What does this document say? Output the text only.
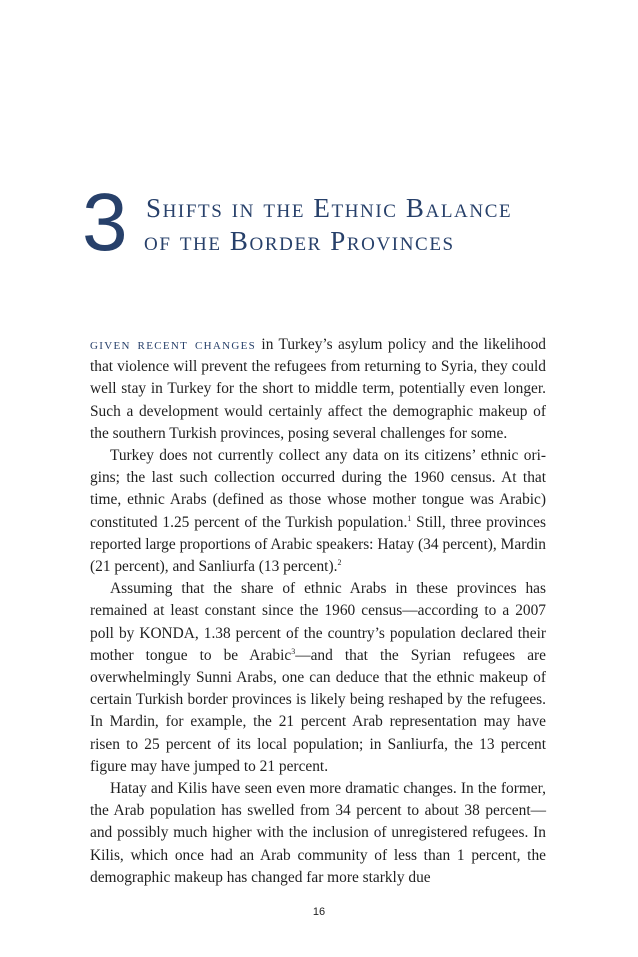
3 Shifts in the Ethnic Balance
of the Border Provinces

given recent changes in Turkey’s asylum policy and the likelihood that violence will prevent the refugees from returning to Syria, they could well stay in Turkey for the short to middle term, potentially even longer. Such a development would certainly affect the demographic makeup of the southern Turkish provinces, posing several challenges for some.

Turkey does not currently collect any data on its citizens’ ethnic origins; the last such collection occurred during the 1960 census. At that time, ethnic Arabs (defined as those whose mother tongue was Arabic) constituted 1.25 percent of the Turkish population.$^1$ Still, three provinces reported large proportions of Arabic speakers: Hatay (34 percent), Mardin (21 percent), and Sanliurfa (13 percent).$^2$

Assuming that the share of ethnic Arabs in these provinces has remained at least constant since the 1960 census—according to a 2007 poll by KONDA, 1.38 percent of the country’s population declared their mother tongue to be Arabic$^3$—and that the Syrian refugees are overwhelmingly Sunni Arabs, one can deduce that the ethnic makeup of certain Turkish border provinces is likely being reshaped by the refugees. In Mardin, for example, the 21 percent Arab representation may have risen to 25 percent of its local population; in Sanliurfa, the 13 percent figure may have jumped to 21 percent.

Hatay and Kilis have seen even more dramatic changes. In the former, the Arab population has swelled from 34 percent to about 38 percent—and possibly much higher with the inclusion of unregistered refugees. In Kilis, which once had an Arab community of less than 1 percent, the demographic makeup has changed far more starkly due

16
